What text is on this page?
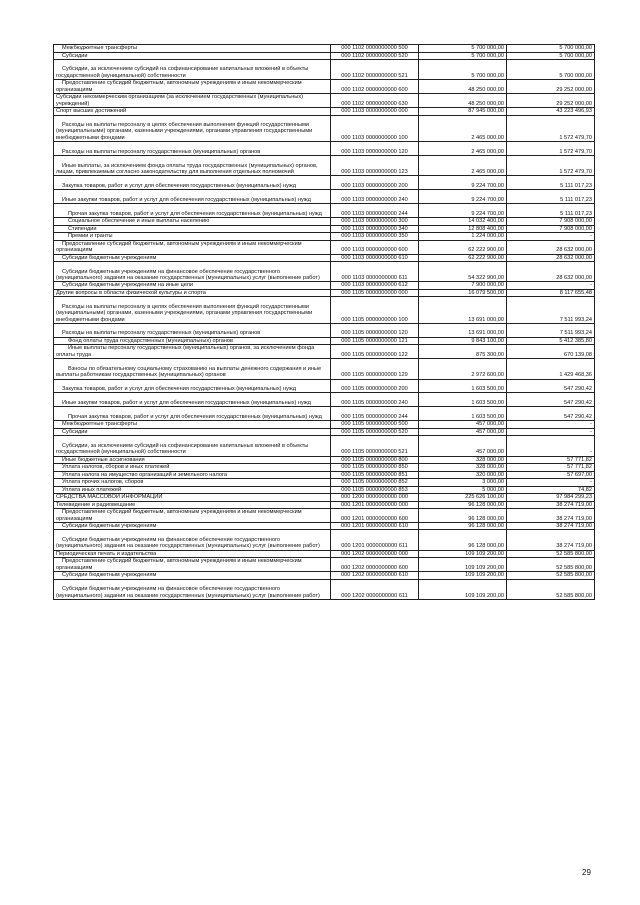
Межбюджетные трансферты	000 1102 0000000000 500	5 700 000,00	5 700 000,00
Субсидии	000 1102 0000000000 520	5 700 000,00	5 700 000,00
Субсидии, за исключением субсидий на софинансирование капитальных вложений в объекты государственной (муниципальной) собственности	000 1102 0000000000 521	5 700 000,00	5 700 000,00
Предоставление субсидий бюджетным, автономным учреждениям и иным некоммерческим организациям	000 1102 0000000000 600	48 250 000,00	29 252 000,00
Субсидии некоммерческим организациям (за исключением государственных (муниципальных) учреждений)	000 1102 0000000000 630	48 250 000,00	29 252 000,00
Спорт высших достижений	000 1103 0000000000 000	87 945 000,00	43 223 496,93
Расходы на выплаты персоналу в целях обеспечения выполнения функций государственными (муниципальными) органами, казенными учреждениями, органами управления государственными внебюджетными фондами	000 1103 0000000000 100	2 465 000,00	1 572 479,70
Расходы на выплаты персоналу государственных (муниципальных) органов	000 1103 0000000000 120	2 465 000,00	1 572 479,70
Иные выплаты, за исключением фонда оплаты труда государственных (муниципальных) органов, лицам, привлекаемым согласно законодательству для выполнения отдельных полномочий	000 1103 0000000000 123	2 465 000,00	1 572 479,70
Закупка товаров, работ и услуг для обеспечения государственных (муниципальных) нужд	000 1103 0000000000 200	9 224 700,00	5 111 017,23
Иные закупки товаров, работ и услуг для обеспечения государственных (муниципальных) нужд	000 1103 0000000000 240	9 224 700,00	5 111 017,23
Прочая закупка товаров, работ и услуг для обеспечения государственных (муниципальных) нужд	000 1103 0000000000 244	9 224 700,00	5 111 017,23
Социальное обеспечение и иные выплаты населению	000 1103 0000000000 300	14 032 400,00	7 908 000,00
Стипендии	000 1103 0000000000 340	12 808 400,00	7 908 000,00
Премии и гранты	000 1103 0000000000 350	1 224 000,00	-
Предоставление субсидий бюджетным, автономным учреждениям и иным некоммерческим организациям	000 1103 0000000000 600	62 222 900,00	28 632 000,00
Субсидии бюджетным учреждениям	000 1103 0000000000 610	62 222 900,00	28 632 000,00
Субсидии бюджетным учреждениям на финансовое обеспечение государственного (муниципального) задания на оказание государственных (муниципальных) услуг (выполнение работ)	000 1103 0000000000 611	54 322 900,00	28 632 000,00
Субсидии бюджетным учреждениям на иные цели	000 1103 0000000000 612	7 900 000,00	-
Другие вопросы в области физической культуры и спорта	000 1105 0000000000 000	16 079 500,00	8 117 655,48
Расходы на выплаты персоналу в целях обеспечения выполнения функций государственными (муниципальными) органами, казенными учреждениями, органами управления государственными внебюджетными фондами	000 1105 0000000000 100	13 691 000,00	7 511 993,24
Расходы на выплаты персоналу государственных (муниципальных) органов	000 1105 0000000000 120	13 691 000,00	7 511 993,24
Фонд оплаты труда государственных (муниципальных) органов	000 1105 0000000000 121	9 843 100,00	5 412 385,80
Иные выплаты персоналу государственных (муниципальных) органов, за исключением фонда оплаты труда	000 1105 0000000000 122	875 300,00	670 139,08
Взносы по обязательному социальному страхованию на выплаты денежного содержания и иные выплаты работникам государственных (муниципальных) органов	000 1105 0000000000 129	2 972 600,00	1 429 468,36
Закупка товаров, работ и услуг для обеспечения государственных (муниципальных) нужд	000 1105 0000000000 200	1 603 500,00	547 290,42
Иные закупки товаров, работ и услуг для обеспечения государственных (муниципальных) нужд	000 1105 0000000000 240	1 603 500,00	547 290,42
Прочая закупка товаров, работ и услуг для обеспечения государственных (муниципальных) нужд	000 1105 0000000000 244	1 603 500,00	547 290,42
Межбюджетные трансферты	000 1105 0000000000 500	457 000,00	-
Субсидии	000 1105 0000000000 520	457 000,00	-
Субсидии, за исключением субсидий на софинансирование капитальных вложений в объекты государственной (муниципальной) собственности	000 1105 0000000000 521	457 000,00	-
Иные бюджетные ассигнования	000 1105 0000000000 800	328 000,00	57 771,82
Уплата налогов, сборов и иных платежей	000 1105 0000000000 850	328 000,00	57 771,82
Уплата налога на имущество организаций и земельного налога	000 1105 0000000000 851	320 000,00	57 697,00
Уплата прочих налогов, сборов	000 1105 0000000000 852	3 000,00	-
Уплата иных платежей	000 1105 0000000000 853	5 000,00	74,82
СРЕДСТВА МАССОВОЙ ИНФОРМАЦИИ	000 1200 0000000000 000	225 626 100,00	97 984 299,23
Телевидение и радиовещание	000 1201 0000000000 000	96 128 000,00	38 274 719,00
Предоставление субсидий бюджетным, автономным учреждениям и иным некоммерческим организациям	000 1201 0000000000 600	96 128 000,00	38 274 719,00
Субсидии бюджетным учреждениям	000 1201 0000000000 610	96 128 000,00	38 274 719,00
Субсидии бюджетным учреждениям на финансовое обеспечение государственного (муниципального) задания на оказание государственных (муниципальных) услуг (выполнение работ)	000 1201 0000000000 611	96 128 000,00	38 274 719,00
Периодическая печать и издательства	000 1202 0000000000 000	109 109 200,00	52 585 800,00
Предоставление субсидий бюджетным, автономным учреждениям и иным некоммерческим организациям	000 1202 0000000000 600	109 109 200,00	52 585 800,00
Субсидии бюджетным учреждениям	000 1202 0000000000 610	109 109 200,00	52 585 800,00
Субсидии бюджетным учреждениям на финансовое обеспечение государственного (муниципального) задания на оказание государственных (муниципальных) услуг (выполнение работ)	000 1202 0000000000 611	109 109 200,00	52 585 800,00
29
